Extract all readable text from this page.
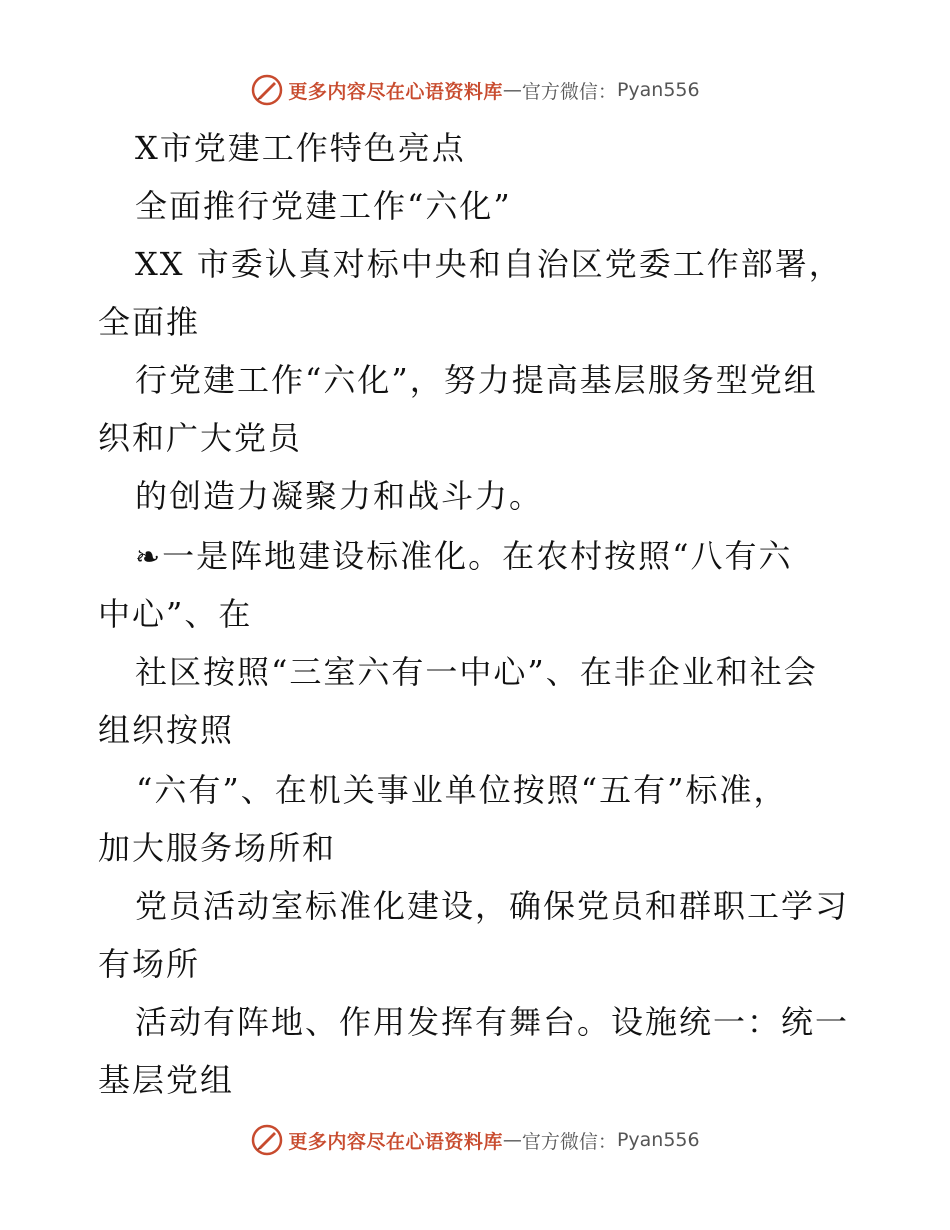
更多内容尽在心语资料库 — 官方微信： Pyan556
X市党建工作特色亮点
全面推行党建工作“六化”
XX 市委认真对标中央和自治区党委工作部署，
全面推
行党建工作“六化”，努力提高基层服务型党组
织和广大党员
的创造力凝聚力和战斗力。
❧一是阵地建设标准化。在农村按照“八有六
中心”、在
社区按照“三室六有一中心”、在非企业和社会
组织按照
“六有”、在机关事业单位按照“五有”标准，
加大服务场所和
党员活动室标准化建设，确保党员和群职工学习
有场所
活动有阵地、作用发挥有舞台。设施统一：统一
基层党组
更多内容尽在心语资料库 — 官方微信： Pyan556
